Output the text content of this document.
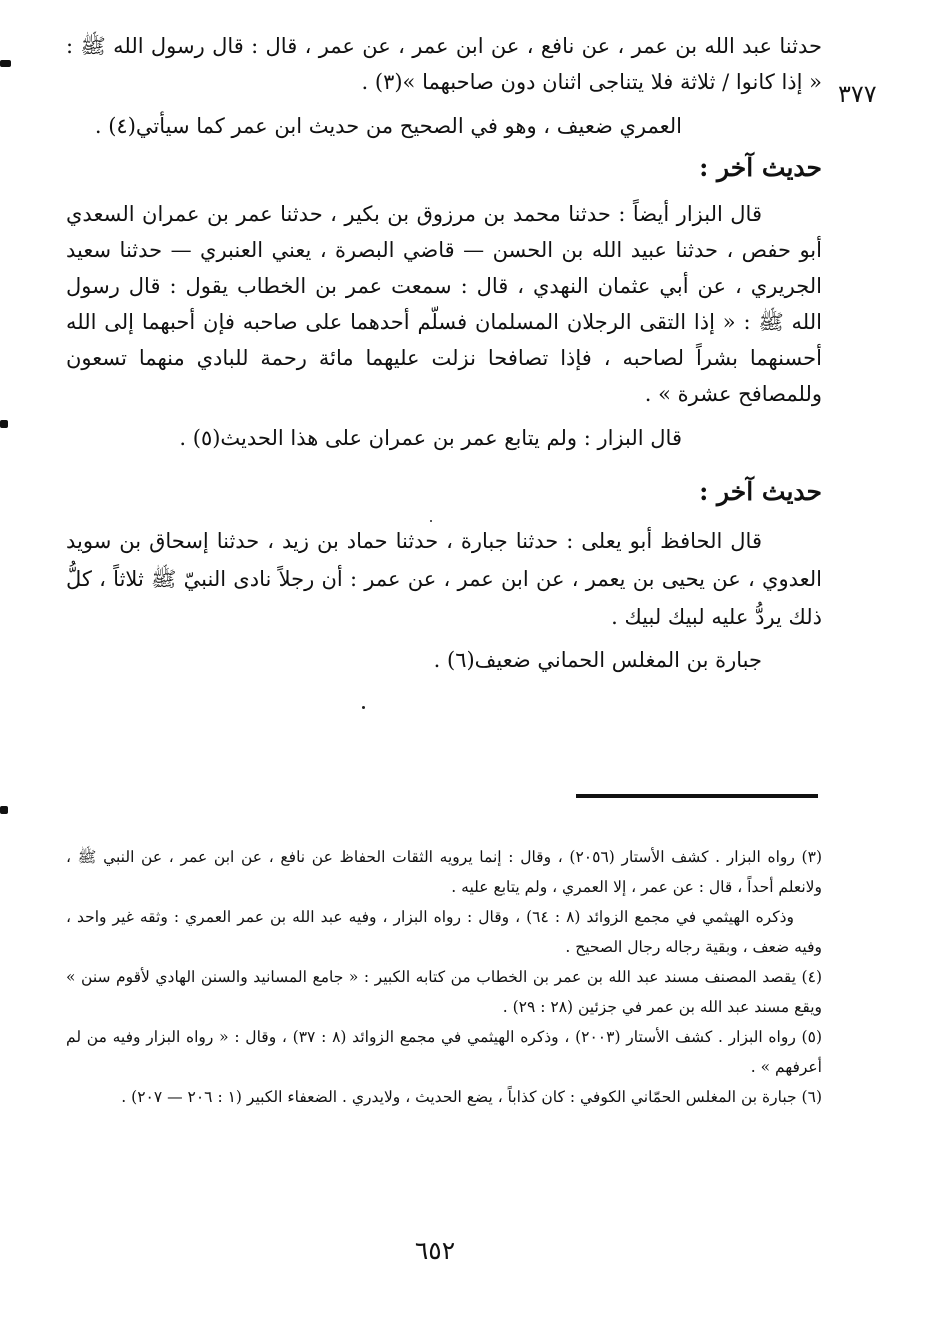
٣٧٧

حدثنا عبد الله بن عمر ، عن نافع ، عن ابن عمر ، عن عمر ، قال : قال رسول الله ﷺ : « إذا كانوا / ثلاثة فلا يتناجى اثنان دون صاحبهما »(٣) .

العمري ضعيف ، وهو في الصحيح من حديث ابن عمر كما سيأتي(٤) .

حديث آخر :

قال البزار أيضاً : حدثنا محمد بن مرزوق بن بكير ، حدثنا عمر بن عمران السعدي أبو حفص ، حدثنا عبيد الله بن الحسن — قاضي البصرة ، يعني العنبري — حدثنا سعيد الجريري ، عن أبي عثمان النهدي ، قال : سمعت عمر بن الخطاب يقول : قال رسول الله ﷺ : « إذا التقى الرجلان المسلمان فسلّم أحدهما على صاحبه فإن أحبهما إلى الله أحسنهما بشراً لصاحبه ، فإذا تصافحا نزلت عليهما مائة رحمة للبادي منهما تسعون وللمصافح عشرة » .

قال البزار : ولم يتابع عمر بن عمران على هذا الحديث(٥) .

حديث آخر :

قال الحافظ أبو يعلى : حدثنا جبارة ، حدثنا حماد بن زيد ، حدثنا إسحاق بن سويد العدوي ، عن يحيى بن يعمر ، عن ابن عمر ، عن عمر : أن رجلاً نادى النبيّ ﷺ ثلاثاً ، كلُّ ذلك يردُّ عليه لبيك لبيك .

جبارة بن المغلس الحماني ضعيف(٦) .

(٣) رواه البزار . كشف الأستار (٢٠٥٦) ، وقال : إنما يرويه الثقات الحفاظ عن نافع ، عن ابن عمر ، عن النبي ﷺ ، ولانعلم أحداً ، قال : عن عمر ، إلا العمري ، ولم يتابع عليه .

وذكره الهيثمي في مجمع الزوائد (٨ : ٦٤) ، وقال : رواه البزار ، وفيه عبد الله بن عمر العمري : وثقه غير واحد ، وفيه ضعف ، وبقية رجاله رجال الصحيح .

(٤) يقصد المصنف مسند عبد الله بن عمر بن الخطاب من كتابه الكبير : « جامع المسانيد والسنن الهادي لأقوم سنن » ويقع مسند عبد الله بن عمر في جزئين (٢٨ : ٢٩) .

(٥) رواه البزار . كشف الأستار (٢٠٠٣) ، وذكره الهيثمي في مجمع الزوائد (٨ : ٣٧) ، وقال : « رواه البزار وفيه من لم أعرفهم » .

(٦) جبارة بن المغلس الحمّاني الكوفي : كان كذاباً ، يضع الحديث ، ولايدري . الضعفاء الكبير (١ : ٢٠٦ — ٢٠٧) .

٦٥٢
